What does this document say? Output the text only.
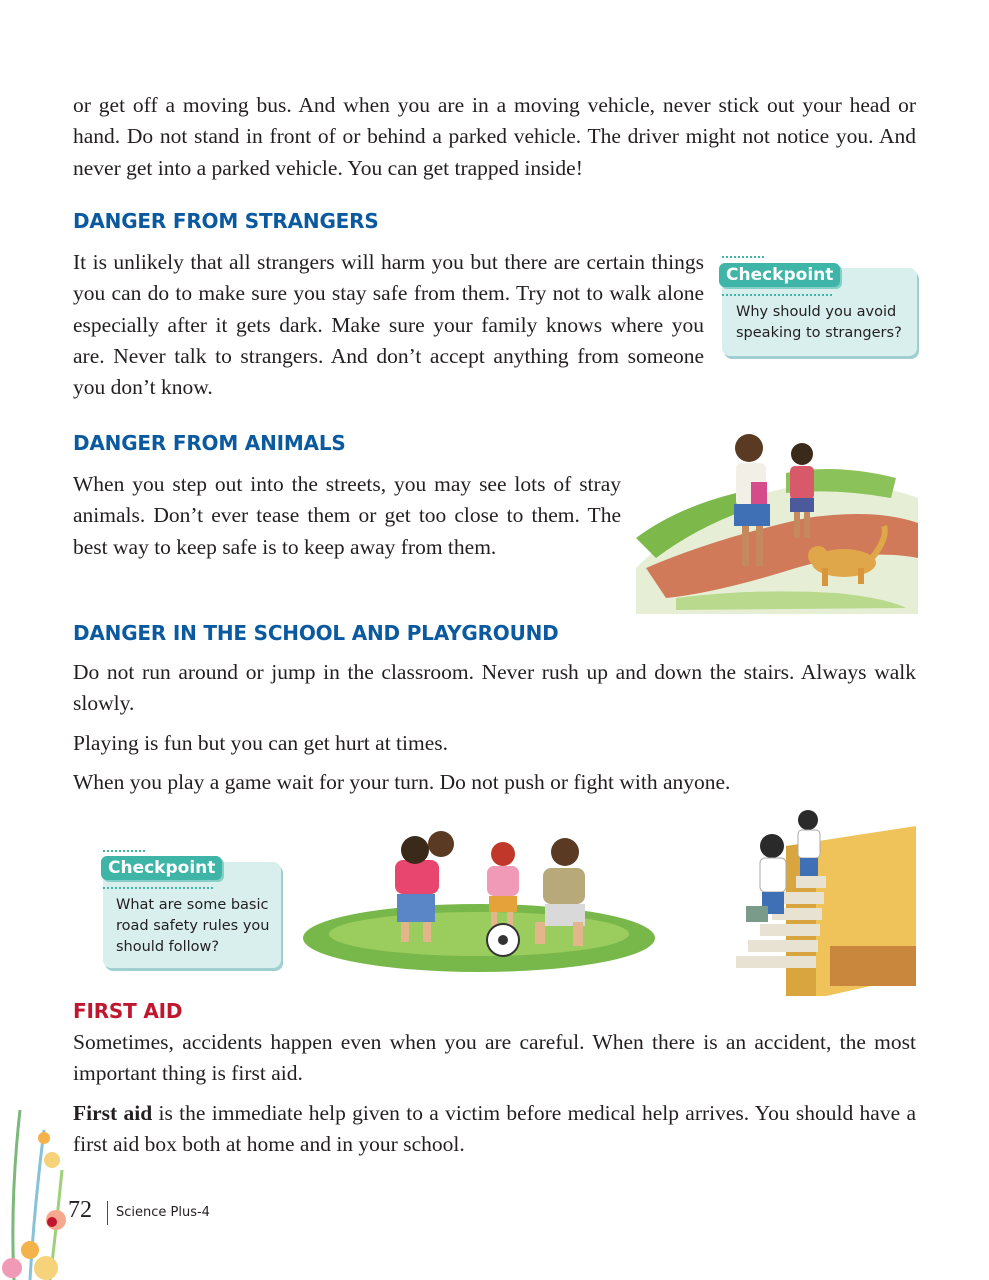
or get off a moving bus. And when you are in a moving vehicle, never stick out your head or hand. Do not stand in front of or behind a parked vehicle. The driver might not notice you. And never get into a parked vehicle. You can get trapped inside!

DANGER FROM STRANGERS

It is unlikely that all strangers will harm you but there are certain things you can do to make sure you stay safe from them. Try not to walk alone especially after it gets dark. Make sure your family knows where you are. Never talk to strangers. And don’t accept anything from someone you don’t know.

Checkpoint
Why should you avoid speaking to strangers?
DANGER FROM ANIMALS

When you step out into the streets, you may see lots of stray animals. Don’t ever tease them or get too close to them. The best way to keep safe is to keep away from them.

DANGER IN THE SCHOOL AND PLAYGROUND

Do not run around or jump in the classroom. Never rush up and down the stairs. Always walk slowly.

Playing is fun but you can get hurt at times.

When you play a game wait for your turn. Do not push or fight with anyone.

Checkpoint
What are some basic road safety rules you should follow?
FIRST AID

Sometimes, accidents happen even when you are careful. When there is an accident, the most important thing is first aid.

First aid is the immediate help given to a victim before medical help arrives. You should have a first aid box both at home and in your school.

72 Science Plus-4
